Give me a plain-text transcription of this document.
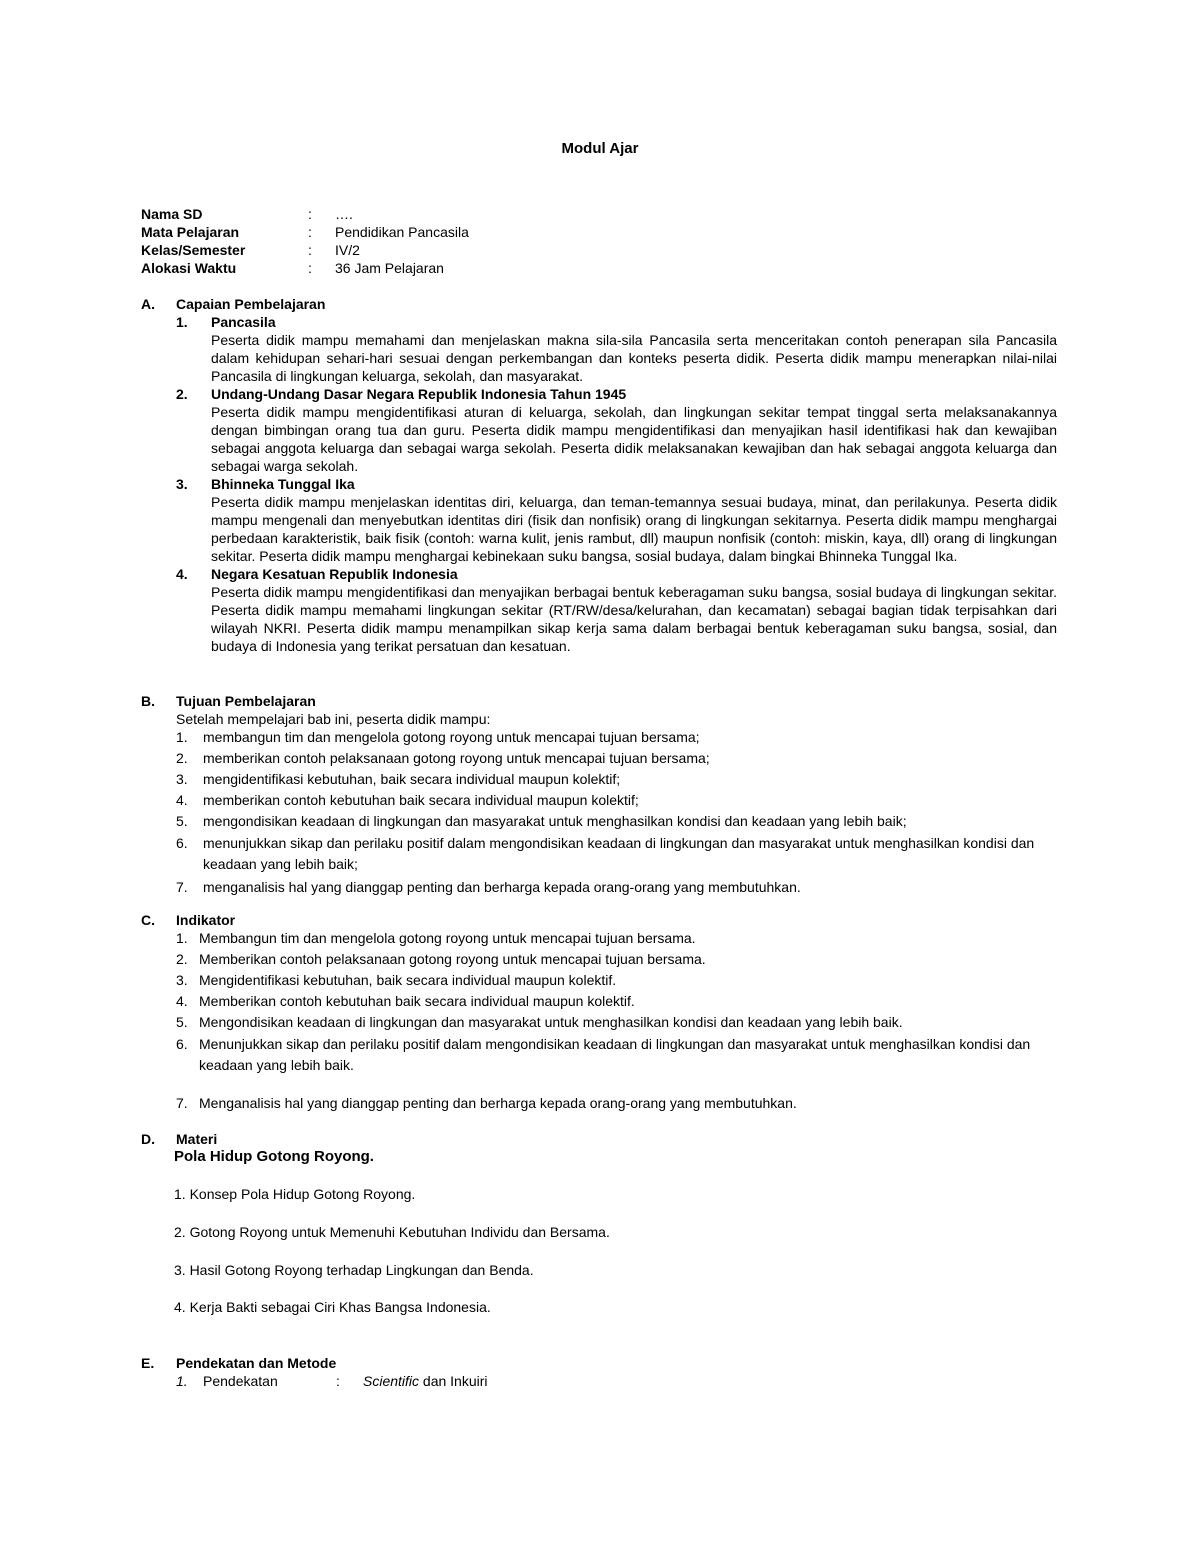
Modul Ajar
Nama SD	: ….
Mata Pelajaran	: Pendidikan Pancasila
Kelas/Semester	: IV/2
Alokasi Waktu	: 36 Jam Pelajaran
A. Capaian Pembelajaran
1. Pancasila
Peserta didik mampu memahami dan menjelaskan makna sila-sila Pancasila serta menceritakan contoh penerapan sila Pancasila dalam kehidupan sehari-hari sesuai dengan perkembangan dan konteks peserta didik. Peserta didik mampu menerapkan nilai-nilai Pancasila di lingkungan keluarga, sekolah, dan masyarakat.
2. Undang-Undang Dasar Negara Republik Indonesia Tahun 1945
Peserta didik mampu mengidentifikasi aturan di keluarga, sekolah, dan lingkungan sekitar tempat tinggal serta melaksanakannya dengan bimbingan orang tua dan guru. Peserta didik mampu mengidentifikasi dan menyajikan hasil identifikasi hak dan kewajiban sebagai anggota keluarga dan sebagai warga sekolah. Peserta didik melaksanakan kewajiban dan hak sebagai anggota keluarga dan sebagai warga sekolah.
3. Bhinneka Tunggal Ika
Peserta didik mampu menjelaskan identitas diri, keluarga, dan teman-temannya sesuai budaya, minat, dan perilakunya. Peserta didik mampu mengenali dan menyebutkan identitas diri (fisik dan nonfisik) orang di lingkungan sekitarnya. Peserta didik mampu menghargai perbedaan karakteristik, baik fisik (contoh: warna kulit, jenis rambut, dll) maupun nonfisik (contoh: miskin, kaya, dll) orang di lingkungan sekitar. Peserta didik mampu menghargai kebinekaan suku bangsa, sosial budaya, dalam bingkai Bhinneka Tunggal Ika.
4. Negara Kesatuan Republik Indonesia
Peserta didik mampu mengidentifikasi dan menyajikan berbagai bentuk keberagaman suku bangsa, sosial budaya di lingkungan sekitar. Peserta didik mampu memahami lingkungan sekitar (RT/RW/desa/kelurahan, dan kecamatan) sebagai bagian tidak terpisahkan dari wilayah NKRI. Peserta didik mampu menampilkan sikap kerja sama dalam berbagai bentuk keberagaman suku bangsa, sosial, dan budaya di Indonesia yang terikat persatuan dan kesatuan.
B. Tujuan Pembelajaran
Setelah mempelajari bab ini, peserta didik mampu:
1. membangun tim dan mengelola gotong royong untuk mencapai tujuan bersama;
2. memberikan contoh pelaksanaan gotong royong untuk mencapai tujuan bersama;
3. mengidentifikasi kebutuhan, baik secara individual maupun kolektif;
4. memberikan contoh kebutuhan baik secara individual maupun kolektif;
5. mengondisikan keadaan di lingkungan dan masyarakat untuk menghasilkan kondisi dan keadaan yang lebih baik;
6. menunjukkan sikap dan perilaku positif dalam mengondisikan keadaan di lingkungan dan masyarakat untuk menghasilkan kondisi dan keadaan yang lebih baik;
7. menganalisis hal yang dianggap penting dan berharga kepada orang-orang yang membutuhkan.
C. Indikator
1. Membangun tim dan mengelola gotong royong untuk mencapai tujuan bersama.
2. Memberikan contoh pelaksanaan gotong royong untuk mencapai tujuan bersama.
3. Mengidentifikasi kebutuhan, baik secara individual maupun kolektif.
4. Memberikan contoh kebutuhan baik secara individual maupun kolektif.
5. Mengondisikan keadaan di lingkungan dan masyarakat untuk menghasilkan kondisi dan keadaan yang lebih baik.
6. Menunjukkan sikap dan perilaku positif dalam mengondisikan keadaan di lingkungan dan masyarakat untuk menghasilkan kondisi dan keadaan yang lebih baik.
7. Menganalisis hal yang dianggap penting dan berharga kepada orang-orang yang membutuhkan.
D. Materi
Pola Hidup Gotong Royong.
1. Konsep Pola Hidup Gotong Royong.
2. Gotong Royong untuk Memenuhi Kebutuhan Individu dan Bersama.
3. Hasil Gotong Royong terhadap Lingkungan dan Benda.
4. Kerja Bakti sebagai Ciri Khas Bangsa Indonesia.
E. Pendekatan dan Metode
1. Pendekatan	: Scientific dan Inkuiri
